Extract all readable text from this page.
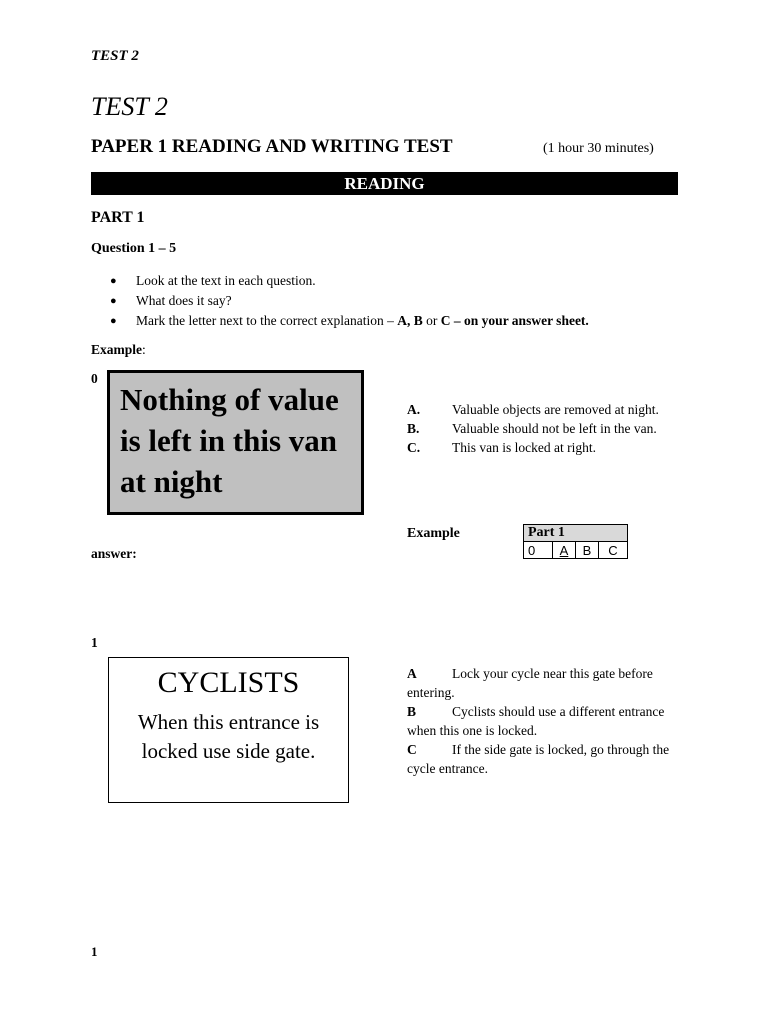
TEST 2
TEST 2
PAPER 1 READING AND WRITING TEST	(1 hour 30 minutes)
READING
PART 1
Question 1 – 5
● Look at the text in each question.
● What does it say?
● Mark the letter next to the correct explanation – A, B or C – on your answer sheet.
Example:
0
Nothing of value
is left in this van
at night
A. Valuable objects are removed at night.
B. Valuable should not be left in the van.
C. This van is locked at right.
Example
answer:
Part 1
0	A	B	C
1
CYCLISTS
When this entrance is
locked use side gate.
A	Lock your cycle near this gate before entering.
B	Cyclists should use a different entrance when this one is locked.
C	If the side gate is locked, go through the cycle entrance.
1
